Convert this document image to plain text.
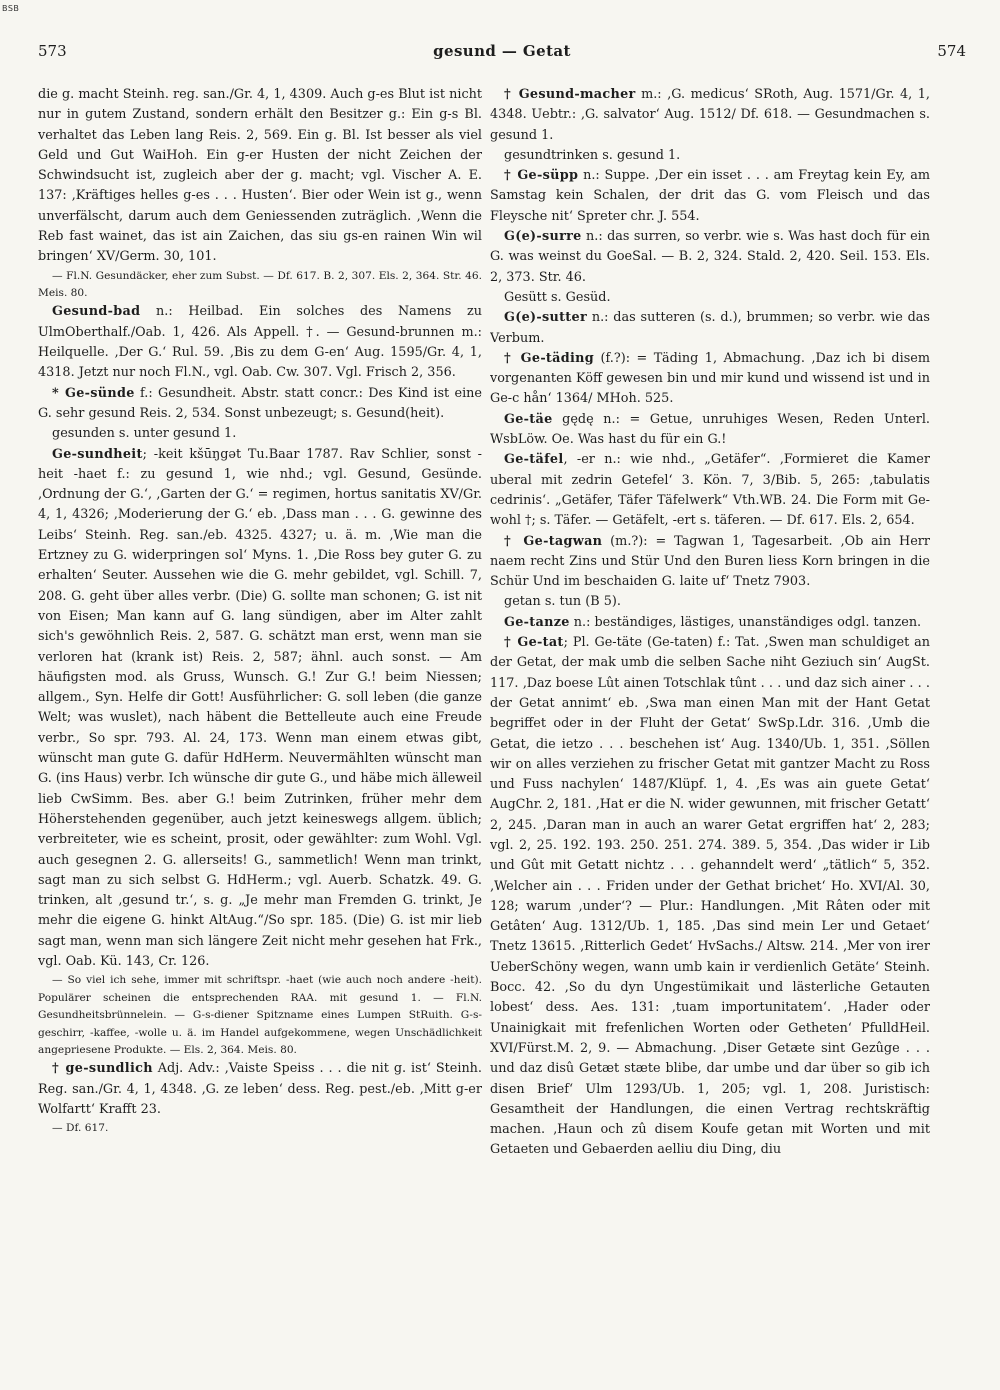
BSB
573	gesund — Getat	574

die g. macht Steinh. reg. san./Gr. 4, 1, 4309. Auch g-es Blut ist nicht nur in gutem Zustand, sondern erhält den Besitzer g.: Ein g-s Bl. verhaltet das Leben lang Reis. 2, 569. Ein g. Bl. Ist besser als viel Geld und Gut WaiHoh. Ein g-er Husten der nicht Zeichen der Schwindsucht ist, zugleich aber der g. macht; vgl. Vischer A. E. 137: ‚Kräftiges helles g-es . . . Husten‘. Bier oder Wein ist g., wenn unverfälscht, darum auch dem Geniessenden zuträglich. ‚Wenn die Reb fast wainet, das ist ain Zaichen, das siu gs-en rainen Win wil bringen‘ XV/Germ. 30, 101.

— Fl.N. Gesundäcker, eher zum Subst. — Df. 617. B. 2, 307. Els. 2, 364. Str. 46. Meis. 80.

Gesund-bad n.: Heilbad. Ein solches des Namens zu UlmOberthalf./Oab. 1, 426. Als Appell. †. — Gesund-brunnen m.: Heilquelle. ‚Der G.‘ Rul. 59. ‚Bis zu dem G-en‘ Aug. 1595/Gr. 4, 1, 4318. Jetzt nur noch Fl.N., vgl. Oab. Cw. 307. Vgl. Frisch 2, 356.

* Ge-sünde f.: Gesundheit. Abstr. statt concr.: Des Kind ist eine G. sehr gesund Reis. 2, 534. Sonst unbezeugt; s. Gesund(heit).

gesunden s. unter gesund 1.

Ge-sundheit; -keit kšūŋgət Tu.Baar 1787. Rav Schlier, sonst -heit -haet f.: zu gesund 1, wie nhd.; vgl. Gesund, Gesünde. ‚Ordnung der G.‘, ‚Garten der G.‘ = regimen, hortus sanitatis XV/Gr. 4, 1, 4326; ‚Moderierung der G.‘ eb. ‚Dass man . . . G. gewinne des Leibs‘ Steinh. Reg. san./eb. 4325. 4327; u. ä. m. ‚Wie man die Ertzney zu G. widerpringen sol‘ Myns. 1. ‚Die Ross bey guter G. zu erhalten‘ Seuter. Aussehen wie die G. mehr gebildet, vgl. Schill. 7, 208. G. geht über alles verbr. (Die) G. sollte man schonen; G. ist nit von Eisen; Man kann auf G. lang sündigen, aber im Alter zahlt sich's gewöhnlich Reis. 2, 587. G. schätzt man erst, wenn man sie verloren hat (krank ist) Reis. 2, 587; ähnl. auch sonst. — Am häufigsten mod. als Gruss, Wunsch. G.! Zur G.! beim Niessen; allgem., Syn. Helfe dir Gott! Ausführlicher: G. soll leben (die ganze Welt; was wuslet), nach häbent die Bettelleute auch eine Freude verbr., So spr. 793. Al. 24, 173. Wenn man einem etwas gibt, wünscht man gute G. dafür HdHerm. Neuvermählten wünscht man G. (ins Haus) verbr. Ich wünsche dir gute G., und häbe mich älleweil lieb CwSimm. Bes. aber G.! beim Zutrinken, früher mehr dem Höherstehenden gegenüber, auch jetzt keineswegs allgem. üblich; verbreiteter, wie es scheint, prosit, oder gewählter: zum Wohl. Vgl. auch gesegnen 2. G. allerseits! G., sammetlich! Wenn man trinkt, sagt man zu sich selbst G. HdHerm.; vgl. Auerb. Schatzk. 49. G. trinken, alt ‚gesund tr.‘, s. g. „Je mehr man Fremden G. trinkt, Je mehr die eigene G. hinkt AltAug.“/So spr. 185. (Die) G. ist mir lieb sagt man, wenn man sich längere Zeit nicht mehr gesehen hat Frk., vgl. Oab. Kü. 143, Cr. 126.

— So viel ich sehe, immer mit schriftspr. -haet (wie auch noch andere -heit). Populärer scheinen die entsprechenden RAA. mit gesund 1. — Fl.N. Gesundheitsbrünnelein. — G-s-diener Spitzname eines Lumpen StRuith. G-s-geschirr, -kaffee, -wolle u. ä. im Handel aufgekommene, wegen Unschädlichkeit angepriesene Produkte. — Els. 2, 364. Meis. 80.

† ge-sundlich Adj. Adv.: ‚Vaiste Speiss . . . die nit g. ist‘ Steinh. Reg. san./Gr. 4, 1, 4348. ‚G. ze leben‘ dess. Reg. pest./eb. ‚Mitt g-er Wolfartt‘ Krafft 23.

— Df. 617.

† Gesund-macher m.: ‚G. medicus‘ SRoth, Aug. 1571/Gr. 4, 1, 4348. Uebtr.: ‚G. salvator‘ Aug. 1512/ Df. 618. — Gesundmachen s. gesund 1.

gesundtrinken s. gesund 1.

† Ge-süpp n.: Suppe. ‚Der ein isset . . . am Freytag kein Ey, am Samstag kein Schalen, der drit das G. vom Fleisch und das Fleysche nit‘ Spreter chr. J. 554.

G(e)-surre n.: das surren, so verbr. wie s. Was hast doch für ein G. was weinst du GoeSal. — B. 2, 324. Stald. 2, 420. Seil. 153. Els. 2, 373. Str. 46.

Gesütt s. Gesüd.

G(e)-sutter n.: das sutteren (s. d.), brummen; so verbr. wie das Verbum.

† Ge-täding (f.?): = Täding 1, Abmachung. ‚Daz ich bi disem vorgenanten Köff gewesen bin und mir kund und wissend ist und in Ge-c hån‘ 1364/ MHoh. 525.

Ge-täe gędę n.: = Getue, unruhiges Wesen, Reden Unterl. WsbLöw. Oe. Was hast du für ein G.!

Ge-täfel, -er n.: wie nhd., „Getäfer“. ‚Formieret die Kamer uberal mit zedrin Getefel‘ 3. Kön. 7, 3/Bib. 5, 265: ‚tabulatis cedrinis‘. „Getäfer, Täfer Täfelwerk“ Vth.WB. 24. Die Form mit Ge- wohl †; s. Täfer. — Getäfelt, -ert s. täferen. — Df. 617. Els. 2, 654.

† Ge-tagwan (m.?): = Tagwan 1, Tagesarbeit. ‚Ob ain Herr naem recht Zins und Stür Und den Buren liess Korn bringen in die Schür Und im beschaiden G. laite uf‘ Tnetz 7903.

getan s. tun (B 5).

Ge-tanze n.: beständiges, lästiges, unanständiges odgl. tanzen.

† Ge-tat; Pl. Ge-täte (Ge-taten) f.: Tat. ‚Swen man schuldiget an der Getat, der mak umb die selben Sache niht Geziuch sin‘ AugSt. 117. ‚Daz boese Lût ainen Totschlak tûnt . . . und daz sich ainer . . . der Getat annimt‘ eb. ‚Swa man einen Man mit der Hant Getat begriffet oder in der Fluht der Getat‘ SwSp.Ldr. 316. ‚Umb die Getat, die ietzo . . . beschehen ist‘ Aug. 1340/Ub. 1, 351. ‚Söllen wir on alles verziehen zu frischer Getat mit gantzer Macht zu Ross und Fuss nachylen‘ 1487/Klüpf. 1, 4. ‚Es was ain guete Getat‘ AugChr. 2, 181. ‚Hat er die N. wider gewunnen, mit frischer Getatt‘ 2, 245. ‚Daran man in auch an warer Getat ergriffen hat‘ 2, 283; vgl. 2, 25. 192. 193. 250. 251. 274. 389. 5, 354. ‚Das wider ir Lib und Gût mit Getatt nichtz . . . gehanndelt werd‘ „tätlich“ 5, 352. ‚Welcher ain . . . Friden under der Gethat brichet‘ Ho. XVI/Al. 30, 128; warum ‚under‘? — Plur.: Handlungen. ‚Mit Râten oder mit Getâten‘ Aug. 1312/Ub. 1, 185. ‚Das sind mein Ler und Getaet‘ Tnetz 13615. ‚Ritterlich Gedet‘ HvSachs./ Altsw. 214. ‚Mer von irer UeberSchöny wegen, wann umb kain ir verdienlich Getäte‘ Steinh. Bocc. 42. ‚So du dyn Ungestümikait und lästerliche Getauten lobest‘ dess. Aes. 131: ‚tuam importunitatem‘. ‚Hader oder Unainigkait mit frefenlichen Worten oder Getheten‘ PfulldHeil. XVI/Fürst.M. 2, 9. — Abmachung. ‚Diser Getæte sint Gezûge . . . und daz disû Getæt stæte blibe, dar umbe und dar über so gib ich disen Brief‘ Ulm 1293/Ub. 1, 205; vgl. 1, 208. Juristisch: Gesamtheit der Handlungen, die einen Vertrag rechtskräftig machen. ‚Haun och zû disem Koufe getan mit Worten und mit Getaeten und Gebaerden aelliu diu Ding, diu
